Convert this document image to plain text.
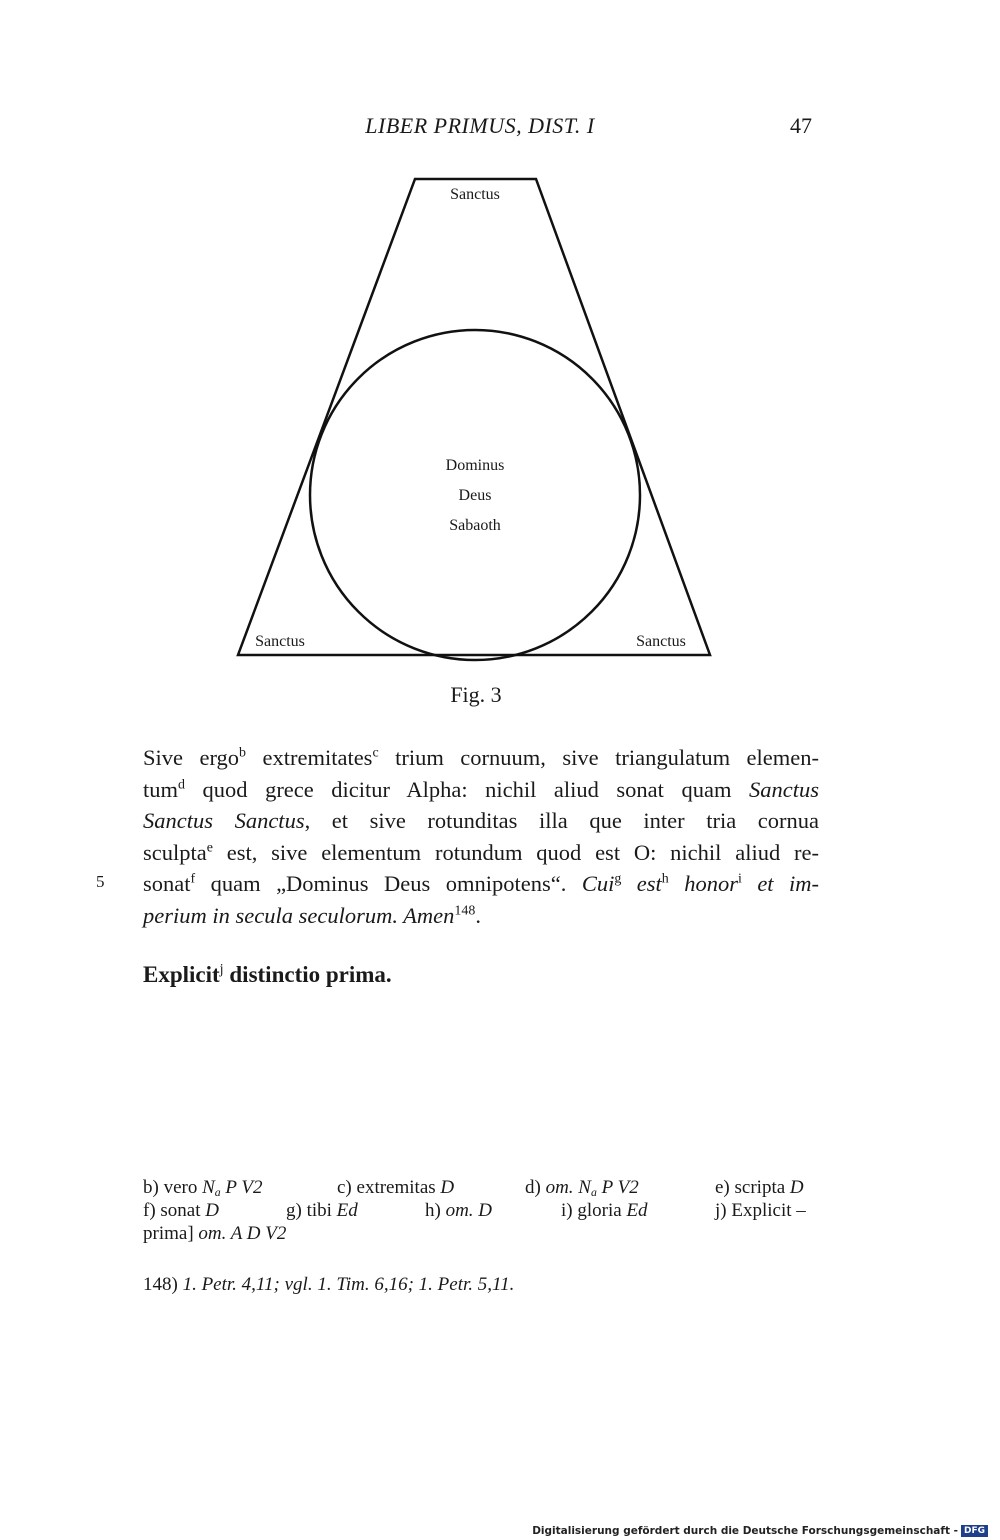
LIBER PRIMUS, DIST. I	47
Sanctus
Sanctus	Sanctus
Dominus
Deus
Sabaoth
Fig. 3
5
Sive ergo$^b$ extremitates$^c$ trium cornuum, sive triangulatum elemen-
tum$^d$ quod grece dicitur Alpha: nichil aliud sonat quam Sanctus
Sanctus Sanctus, et sive rotunditas illa que inter tria cornua
sculpta$^e$ est, sive elementum rotundum quod est O: nichil aliud re-
sonat$^f$ quam „Dominus Deus omnipotens“. Cui$^g$ est$^h$ honor$^i$ et im-
perium in secula seculorum. Amen$^{148}$.
Explicit$^j$ distinctio prima.
b) vero $N_a$ P V2	c) extremitas D	d) om. $N_a$ P V2	e) scripta D
f) sonat D	g) tibi Ed	h) om. D	i) gloria Ed	j) Explicit –
prima] om. A D V2
148) 1. Petr. 4,11; vgl. 1. Tim. 6,16; 1. Petr. 5,11.
Digitalisierung gefördert durch die Deutsche Forschungsgemeinschaft - DFG
